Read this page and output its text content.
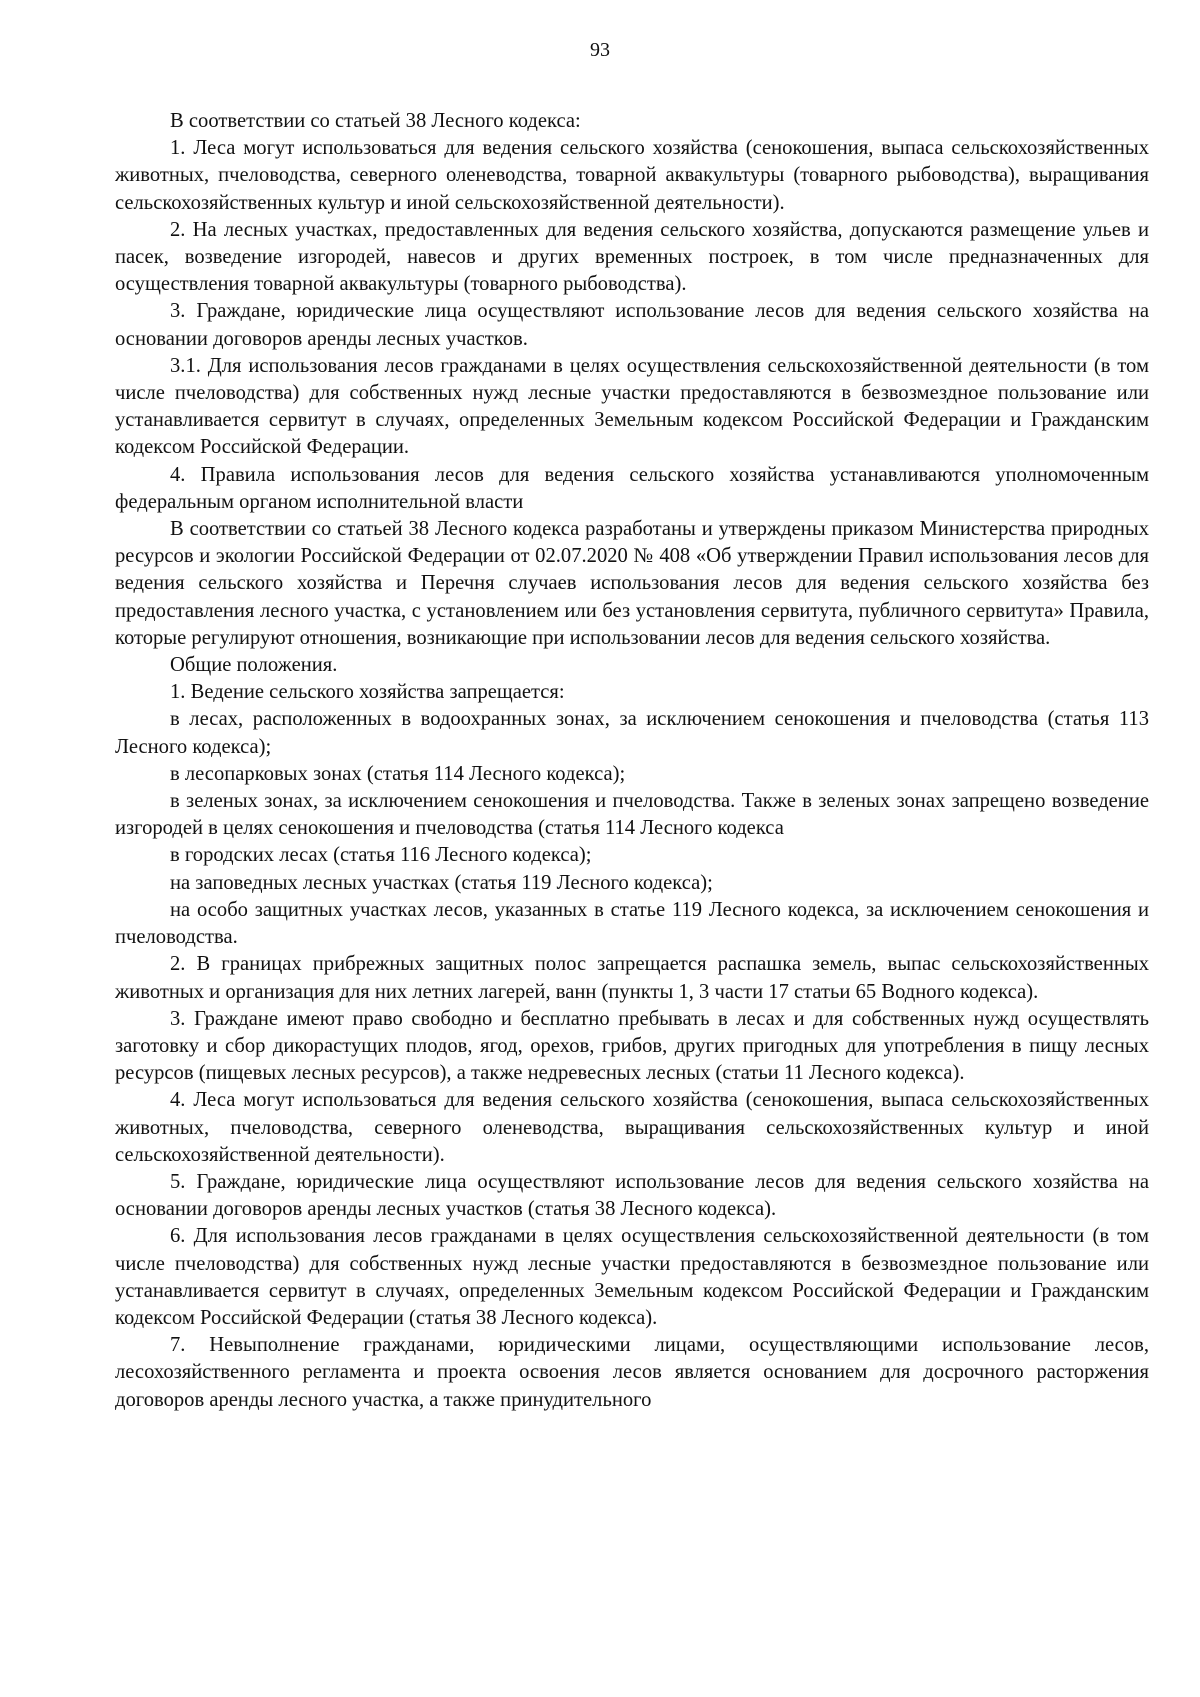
93

В соответствии со статьей 38 Лесного кодекса:

1. Леса могут использоваться для ведения сельского хозяйства (сенокошения, выпаса сельскохозяйственных животных, пчеловодства, северного оленеводства, товарной аквакультуры (товарного рыбоводства), выращивания сельскохозяйственных культур и иной сельскохозяйственной деятельности).

2. На лесных участках, предоставленных для ведения сельского хозяйства, допускаются размещение ульев и пасек, возведение изгородей, навесов и других временных построек, в том числе предназначенных для осуществления товарной аквакультуры (товарного рыбоводства).

3. Граждане, юридические лица осуществляют использование лесов для ведения сельского хозяйства на основании договоров аренды лесных участков.

3.1. Для использования лесов гражданами в целях осуществления сельскохозяйственной деятельности (в том числе пчеловодства) для собственных нужд лесные участки предоставляются в безвозмездное пользование или устанавливается сервитут в случаях, определенных Земельным кодексом Российской Федерации и Гражданским кодексом Российской Федерации.

4. Правила использования лесов для ведения сельского хозяйства устанавливаются уполномоченным федеральным органом исполнительной власти

В соответствии со статьей 38 Лесного кодекса разработаны и утверждены приказом Министерства природных ресурсов и экологии Российской Федерации от 02.07.2020 № 408 «Об утверждении Правил использования лесов для ведения сельского хозяйства и Перечня случаев использования лесов для ведения сельского хозяйства без предоставления лесного участка, с установлением или без установления сервитута, публичного сервитута» Правила, которые регулируют отношения, возникающие при использовании лесов для ведения сельского хозяйства.

Общие положения.

1. Ведение сельского хозяйства запрещается:

в лесах, расположенных в водоохранных зонах, за исключением сенокошения и пчеловодства (статья 113 Лесного кодекса);

в лесопарковых зонах (статья 114 Лесного кодекса);

в зеленых зонах, за исключением сенокошения и пчеловодства. Также в зеленых зонах запрещено возведение изгородей в целях сенокошения и пчеловодства (статья 114 Лесного кодекса

в городских лесах (статья 116 Лесного кодекса);

на заповедных лесных участках (статья 119 Лесного кодекса);

на особо защитных участках лесов, указанных в статье 119 Лесного кодекса, за исключением сенокошения и пчеловодства.

2. В границах прибрежных защитных полос запрещается распашка земель, выпас сельскохозяйственных животных и организация для них летних лагерей, ванн (пункты 1, 3 части 17 статьи 65 Водного кодекса).

3. Граждане имеют право свободно и бесплатно пребывать в лесах и для собственных нужд осуществлять заготовку и сбор дикорастущих плодов, ягод, орехов, грибов, других пригодных для употребления в пищу лесных ресурсов (пищевых лесных ресурсов), а также недревесных лесных (статьи 11 Лесного кодекса).

4. Леса могут использоваться для ведения сельского хозяйства (сенокошения, выпаса сельскохозяйственных животных, пчеловодства, северного оленеводства, выращивания сельскохозяйственных культур и иной сельскохозяйственной деятельности).

5. Граждане, юридические лица осуществляют использование лесов для ведения сельского хозяйства на основании договоров аренды лесных участков (статья 38 Лесного кодекса).

6. Для использования лесов гражданами в целях осуществления сельскохозяйственной деятельности (в том числе пчеловодства) для собственных нужд лесные участки предоставляются в безвозмездное пользование или устанавливается сервитут в случаях, определенных Земельным кодексом Российской Федерации и Гражданским кодексом Российской Федерации (статья 38 Лесного кодекса).

7. Невыполнение гражданами, юридическими лицами, осуществляющими использование лесов, лесохозяйственного регламента и проекта освоения лесов является основанием для досрочного расторжения договоров аренды лесного участка, а также принудительного
